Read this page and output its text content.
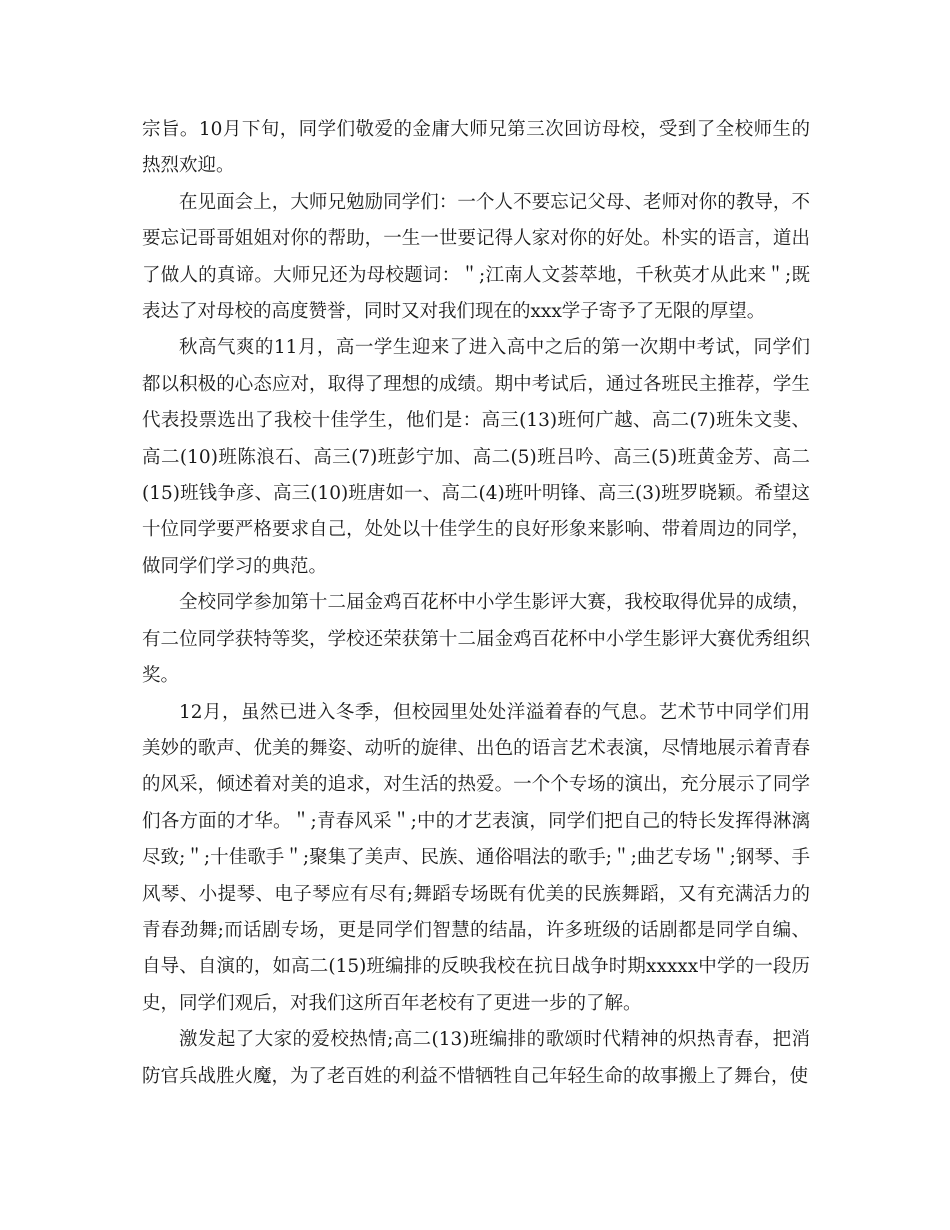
宗旨。10月下旬，同学们敬爱的金庸大师兄第三次回访母校，受到了全校师生的热烈欢迎。

在见面会上，大师兄勉励同学们：一个人不要忘记父母、老师对你的教导，不要忘记哥哥姐姐对你的帮助，一生一世要记得人家对你的好处。朴实的语言，道出了做人的真谛。大师兄还为母校题词：＂;江南人文荟萃地，千秋英才从此来＂;既表达了对母校的高度赞誉，同时又对我们现在的xxx学子寄予了无限的厚望。

秋高气爽的11月，高一学生迎来了进入高中之后的第一次期中考试，同学们都以积极的心态应对，取得了理想的成绩。期中考试后，通过各班民主推荐，学生代表投票选出了我校十佳学生，他们是：高三(13)班何广越、高二(7)班朱文斐、高二(10)班陈浪石、高三(7)班彭宁加、高二(5)班吕吟、高三(5)班黄金芳、高二(15)班钱争彦、高三(10)班唐如一、高二(4)班叶明锋、高三(3)班罗晓颖。希望这十位同学要严格要求自己，处处以十佳学生的良好形象来影响、带着周边的同学，做同学们学习的典范。

全校同学参加第十二届金鸡百花杯中小学生影评大赛，我校取得优异的成绩，有二位同学获特等奖，学校还荣获第十二届金鸡百花杯中小学生影评大赛优秀组织奖。

12月，虽然已进入冬季，但校园里处处洋溢着春的气息。艺术节中同学们用美妙的歌声、优美的舞姿、动听的旋律、出色的语言艺术表演，尽情地展示着青春的风采，倾述着对美的追求，对生活的热爱。一个个专场的演出，充分展示了同学们各方面的才华。＂;青春风采＂;中的才艺表演，同学们把自己的特长发挥得淋漓尽致;＂;十佳歌手＂;聚集了美声、民族、通俗唱法的歌手;＂;曲艺专场＂;钢琴、手风琴、小提琴、电子琴应有尽有;舞蹈专场既有优美的民族舞蹈，又有充满活力的青春劲舞;而话剧专场，更是同学们智慧的结晶，许多班级的话剧都是同学自编、自导、自演的，如高二(15)班编排的反映我校在抗日战争时期xxxxx中学的一段历史，同学们观后，对我们这所百年老校有了更进一步的了解。

激发起了大家的爱校热情;高二(13)班编排的歌颂时代精神的炽热青春，把消防官兵战胜火魔，为了老百姓的利益不惜牺牲自己年轻生命的故事搬上了舞台，使
